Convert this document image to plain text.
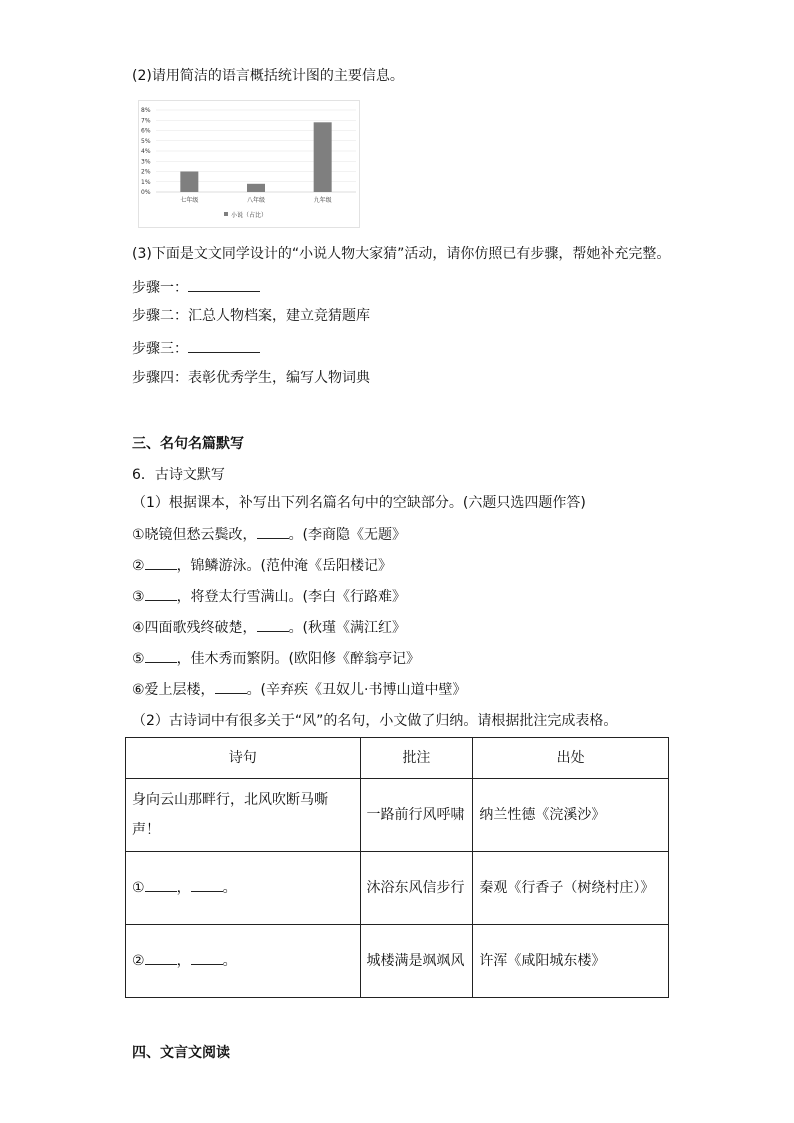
(2)请用简洁的语言概括统计图的主要信息。
0%
1%
2%
3%
4%
5%
6%
7%
8%
七年级	八年级	九年级
小说（占比）
(3)下面是文文同学设计的“小说人物大家猜”活动，请你仿照已有步骤，帮她补充完整。
步骤一：
步骤二：汇总人物档案，建立竞猜题库
步骤三：
步骤四：表彰优秀学生，编写人物词典
三、名句名篇默写
6．古诗文默写
（1）根据课本，补写出下列名篇名句中的空缺部分。(六题只选四题作答)
①晓镜但愁云鬓改， 。(李商隐《无题》
② ，锦鳞游泳。(范仲淹《岳阳楼记》
③ ，将登太行雪满山。(李白《行路难》
④四面歌残终破楚， 。(秋瑾《满江红》
⑤ ，佳木秀而繁阴。(欧阳修《醉翁亭记》
⑥爱上层楼， 。(辛弃疾《丑奴儿·书博山道中壁》
（2）古诗词中有很多关于“风”的名句，小文做了归纳。请根据批注完成表格。
诗句	批注	出处
身向云山那畔行，北风吹断马嘶声！	一路前行风呼啸	纳兰性德《浣溪沙》
① ， 。	沐浴东风信步行	秦观《行香子（树绕村庄）》
② ， 。	城楼满是飒飒风	许浑《咸阳城东楼》
四、文言文阅读
